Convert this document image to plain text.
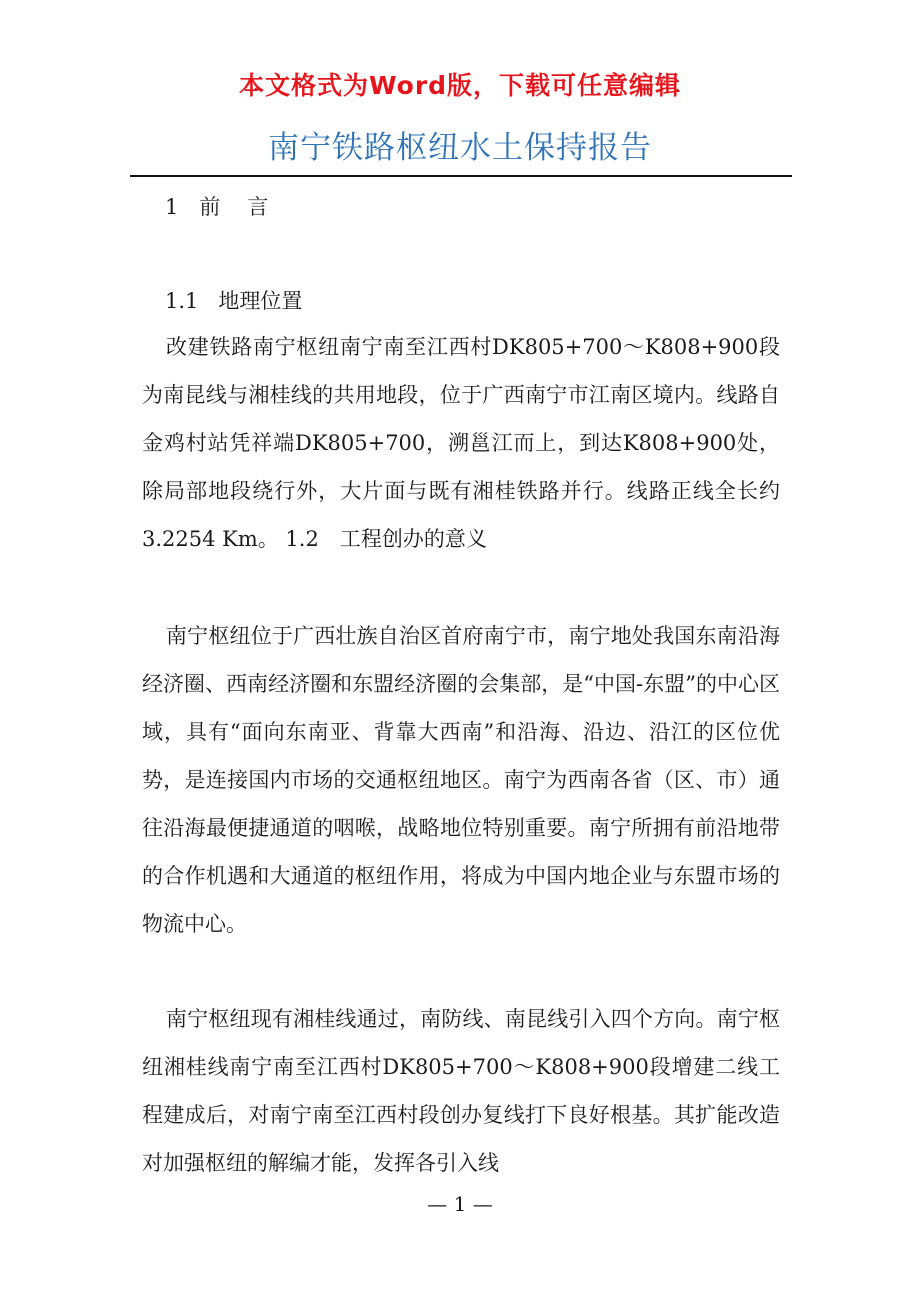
本文格式为Word版，下载可任意编辑
南宁铁路枢纽水土保持报告
1 前 言
1.1 地理位置
改建铁路南宁枢纽南宁南至江西村DK805+700～K808+900段为南昆线与湘桂线的共用地段，位于广西南宁市江南区境内。线路自金鸡村站凭祥端DK805+700，溯邕江而上，到达K808+900处，除局部地段绕行外，大片面与既有湘桂铁路并行。线路正线全长约3.2254 Km。 1.2　工程创办的意义
南宁枢纽位于广西壮族自治区首府南宁市，南宁地处我国东南沿海经济圈、西南经济圈和东盟经济圈的会集部，是“中国-东盟”的中心区域，具有“面向东南亚、背靠大西南”和沿海、沿边、沿江的区位优势，是连接国内市场的交通枢纽地区。南宁为西南各省（区、市）通往沿海最便捷通道的咽喉，战略地位特别重要。南宁所拥有前沿地带的合作机遇和大通道的枢纽作用，将成为中国内地企业与东盟市场的物流中心。
南宁枢纽现有湘桂线通过，南防线、南昆线引入四个方向。南宁枢纽湘桂线南宁南至江西村DK805+700～K808+900段增建二线工程建成后，对南宁南至江西村段创办复线打下良好根基。其扩能改造对加强枢纽的解编才能，发挥各引入线
— 1 —
